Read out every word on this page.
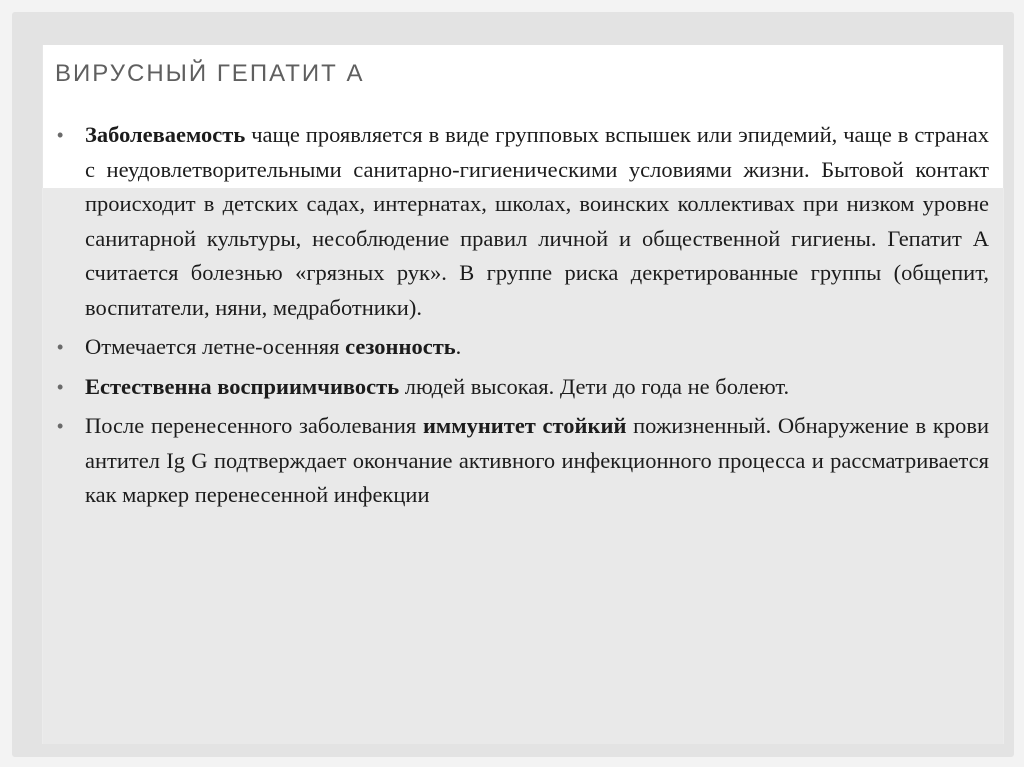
ВИРУСНЫЙ ГЕПАТИТ А
• Заболеваемость чаще проявляется в виде групповых вспышек или эпидемий, чаще в странах с неудовлетворительными санитарно-гигиеническими условиями жизни. Бытовой контакт происходит в детских садах, интернатах, школах, воинских коллективах при низком уровне санитарной культуры, несоблюдение правил личной и общественной гигиены. Гепатит А считается болезнью «грязных рук». В группе риска декретированные группы (общепит, воспитатели, няни, медработники).
• Отмечается летне-осенняя сезонность.
• Естественна восприимчивость людей высокая. Дети до года не болеют.
• После перенесенного заболевания иммунитет стойкий пожизненный. Обнаружение в крови антител Ig G подтверждает окончание активного инфекционного процесса и рассматривается как маркер перенесенной инфекции
